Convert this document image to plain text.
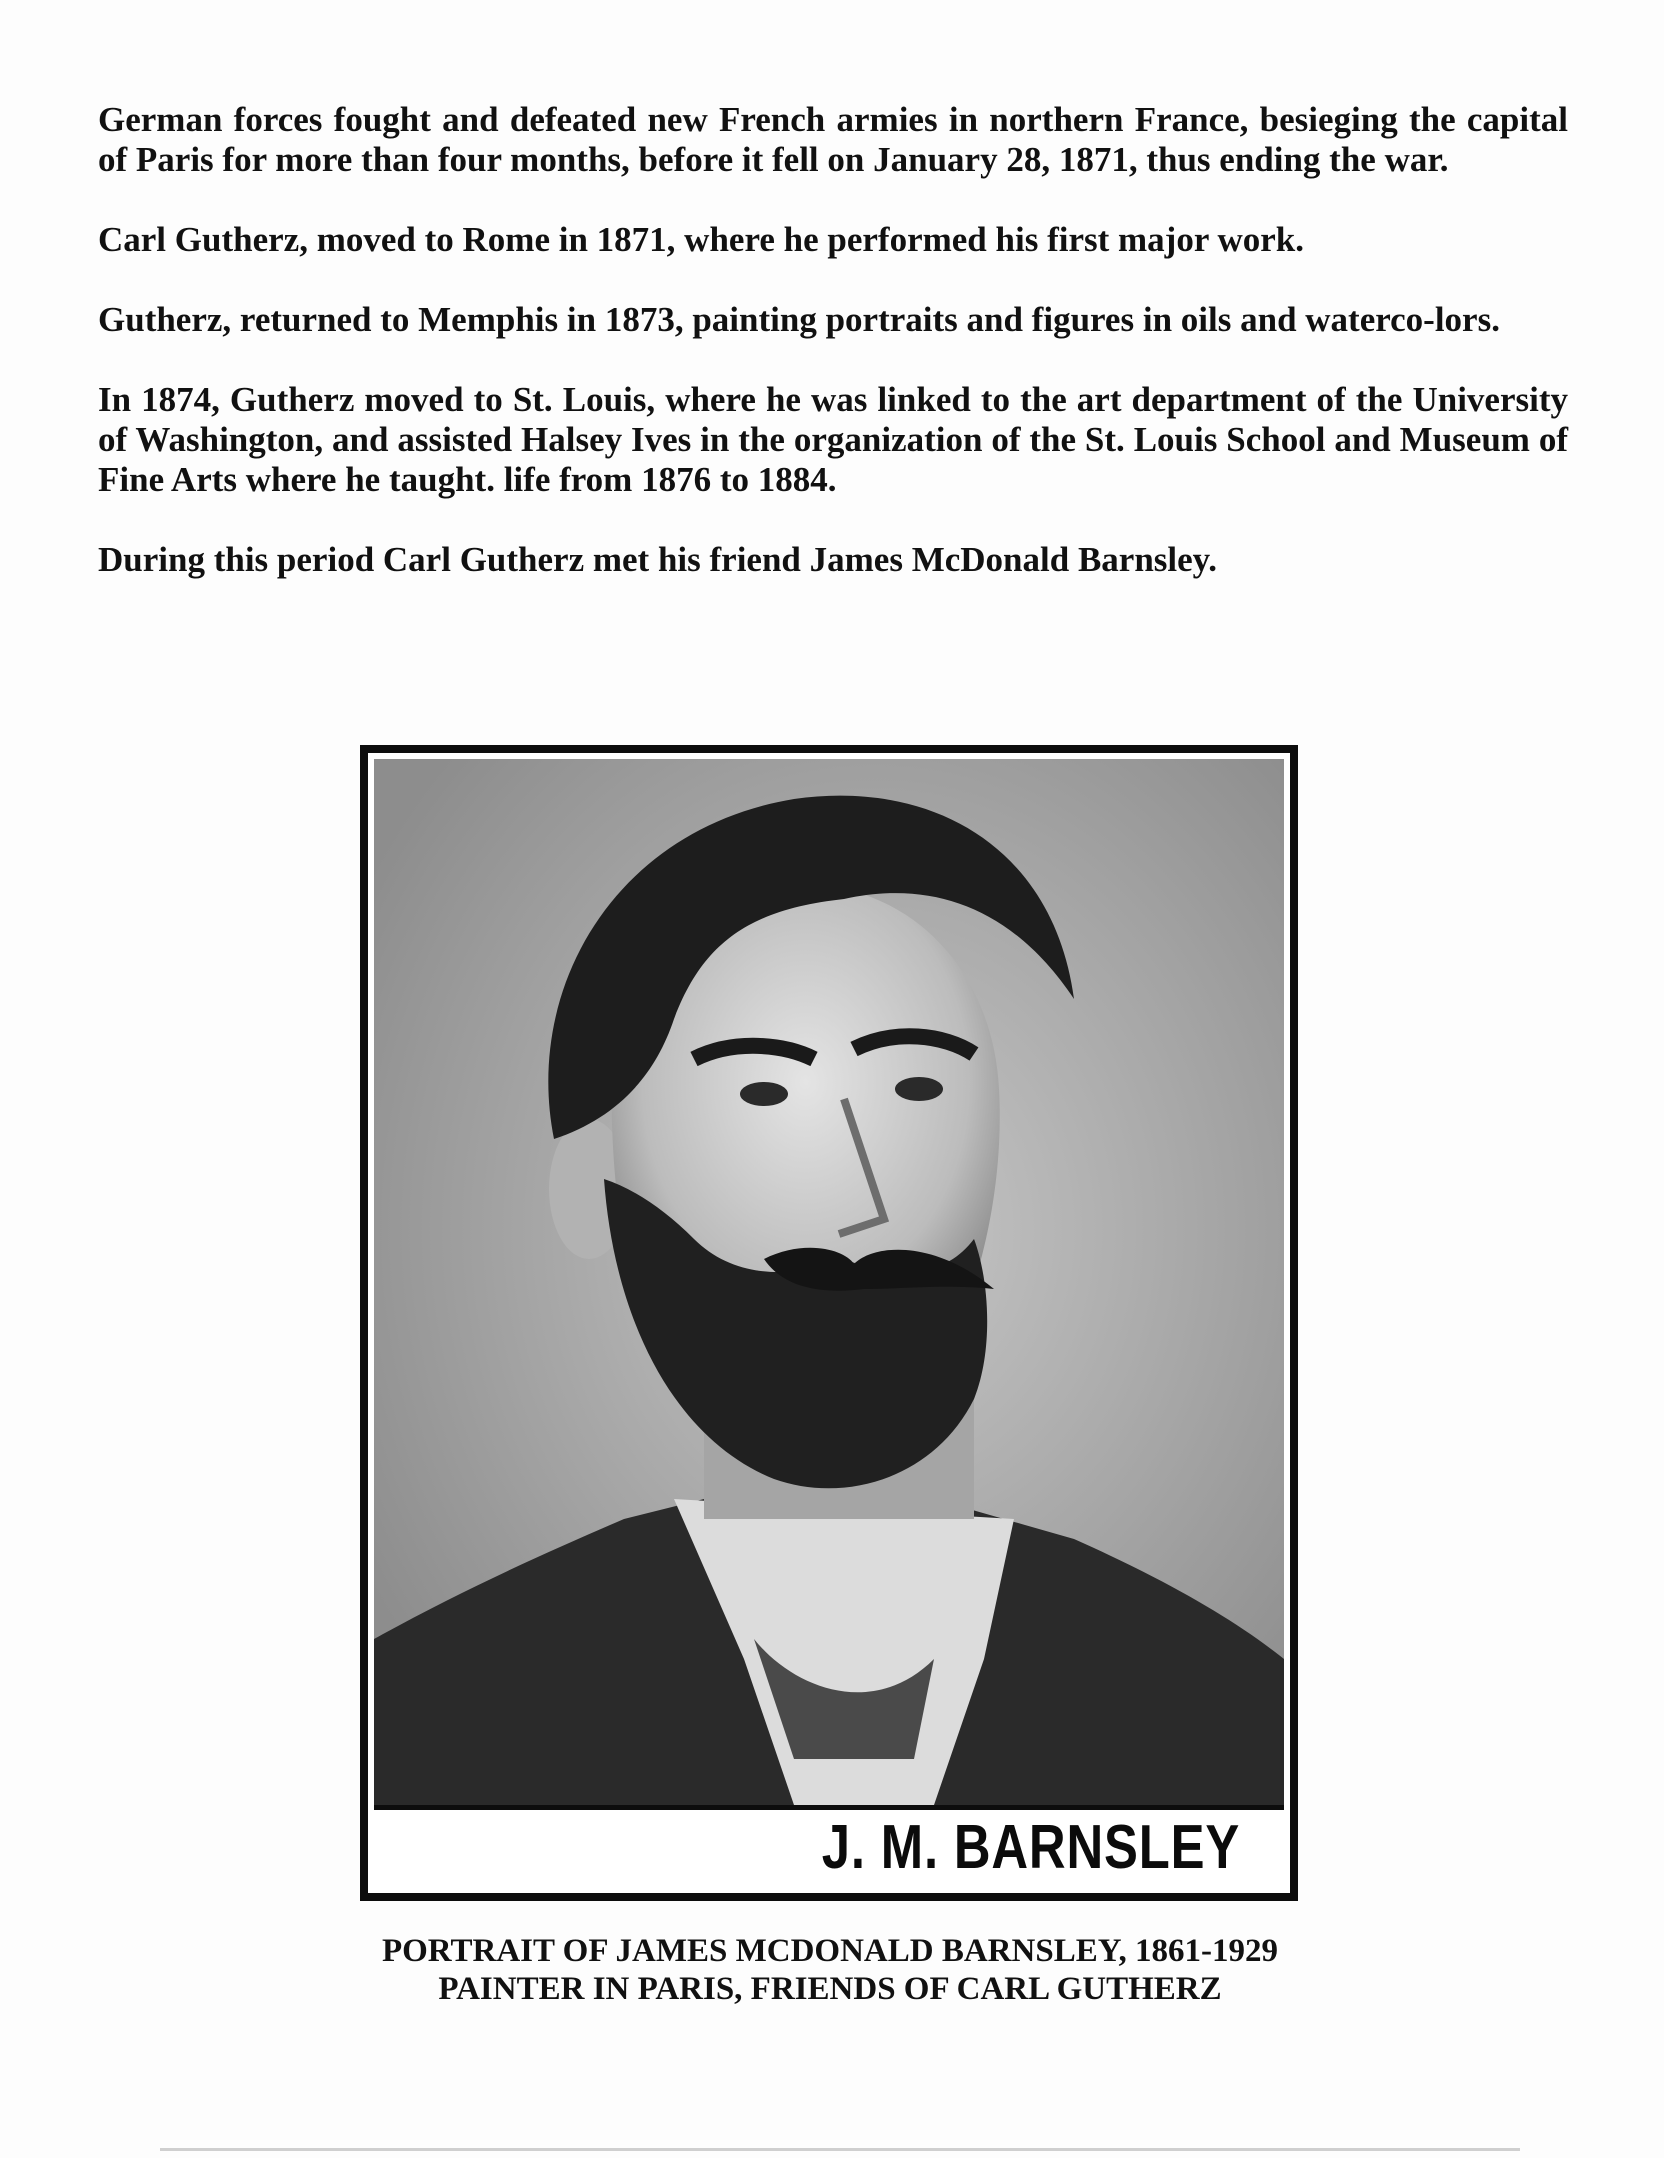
German forces fought and defeated new French armies in northern France, besieging the capital of Paris for more than four months, before it fell on January 28, 1871, thus ending the war.

Carl Gutherz, moved to Rome in 1871, where he performed his first major work.

Gutherz, returned to Memphis in 1873, painting portraits and figures in oils and waterco-lors.

In 1874, Gutherz moved to St. Louis, where he was linked to the art department of the University of Washington, and assisted Halsey Ives in the organization of the St. Louis School and Museum of Fine Arts where he taught. life from 1876 to 1884.

During this period Carl Gutherz met his friend James McDonald Barnsley.

J. M. BARNSLEY
PORTRAIT OF JAMES MCDONALD BARNSLEY, 1861-1929
PAINTER IN PARIS, FRIENDS OF CARL GUTHERZ
